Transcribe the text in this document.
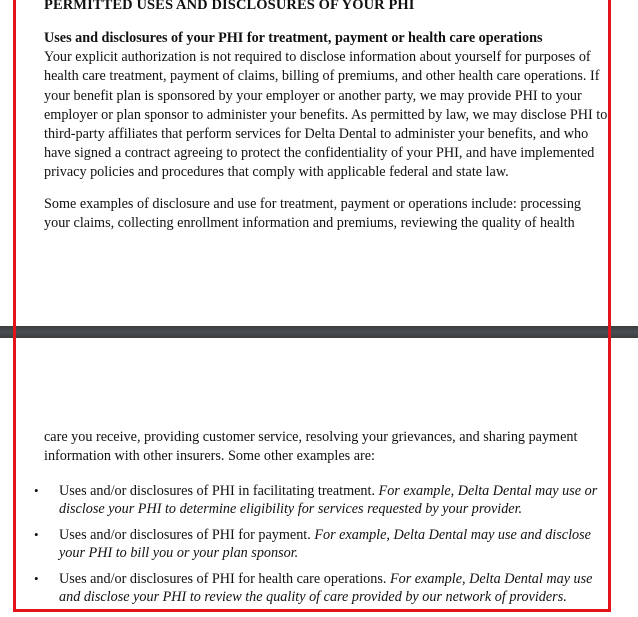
PERMITTED USES AND DISCLOSURES OF YOUR PHI
Uses and disclosures of your PHI for treatment, payment or health care operations

Your explicit authorization is not required to disclose information about yourself for purposes of health care treatment, payment of claims, billing of premiums, and other health care operations. If your benefit plan is sponsored by your employer or another party, we may provide PHI to your employer or plan sponsor to administer your benefits. As permitted by law, we may disclose PHI to third-party affiliates that perform services for Delta Dental to administer your benefits, and who have signed a contract agreeing to protect the confidentiality of your PHI, and have implemented privacy policies and procedures that comply with applicable federal and state law.

Some examples of disclosure and use for treatment, payment or operations include: processing your claims, collecting enrollment information and premiums, reviewing the quality of health

care you receive, providing customer service, resolving your grievances, and sharing payment information with other insurers. Some other examples are:

• Uses and/or disclosures of PHI in facilitating treatment. For example, Delta Dental may use or disclose your PHI to determine eligibility for services requested by your provider.
• Uses and/or disclosures of PHI for payment. For example, Delta Dental may use and disclose your PHI to bill you or your plan sponsor.
• Uses and/or disclosures of PHI for health care operations. For example, Delta Dental may use and disclose your PHI to review the quality of care provided by our network of providers.
